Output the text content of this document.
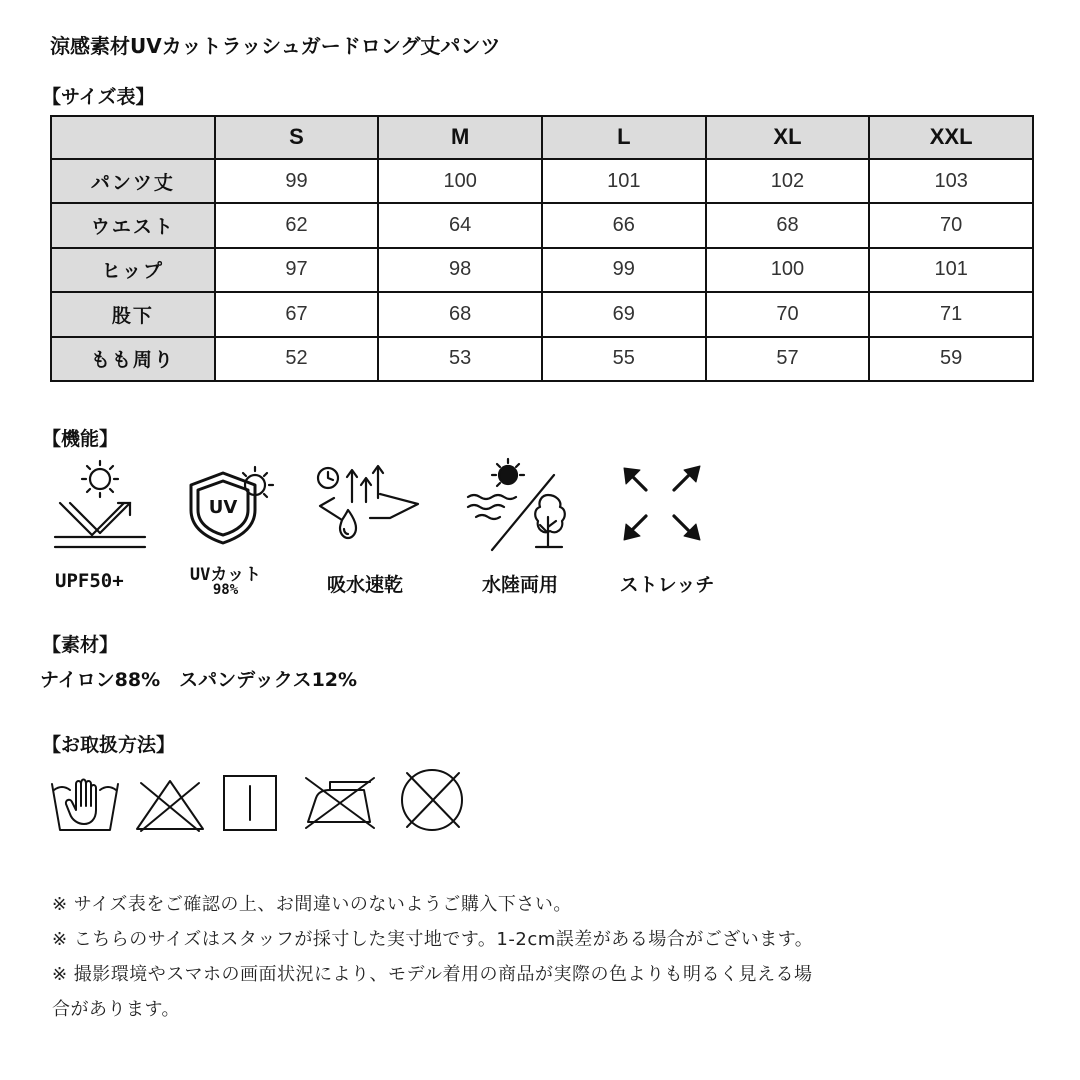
涼感素材UVカットラッシュガードロング丈パンツ
【サイズ表】
	S	M	L	XL	XXL
パンツ丈	99	100	101	102	103
ウエスト	62	64	66	68	70
ヒップ	97	98	99	100	101
股下	67	68	69	70	71
もも周り	52	53	55	57	59
【機能】
UPF50+
UV
UVカット
98%	吸水速乾	水陸両用	ストレッチ
【素材】
ナイロン88%　スパンデックス12%
【お取扱方法】
※ サイズ表をご確認の上、お間違いのないようご購入下さい。
※ こちらのサイズはスタッフが採寸した実寸地です。1-2cm誤差がある場合がございます。
※ 撮影環境やスマホの画面状況により、モデル着用の商品が実際の色よりも明るく見える場
合があります。
